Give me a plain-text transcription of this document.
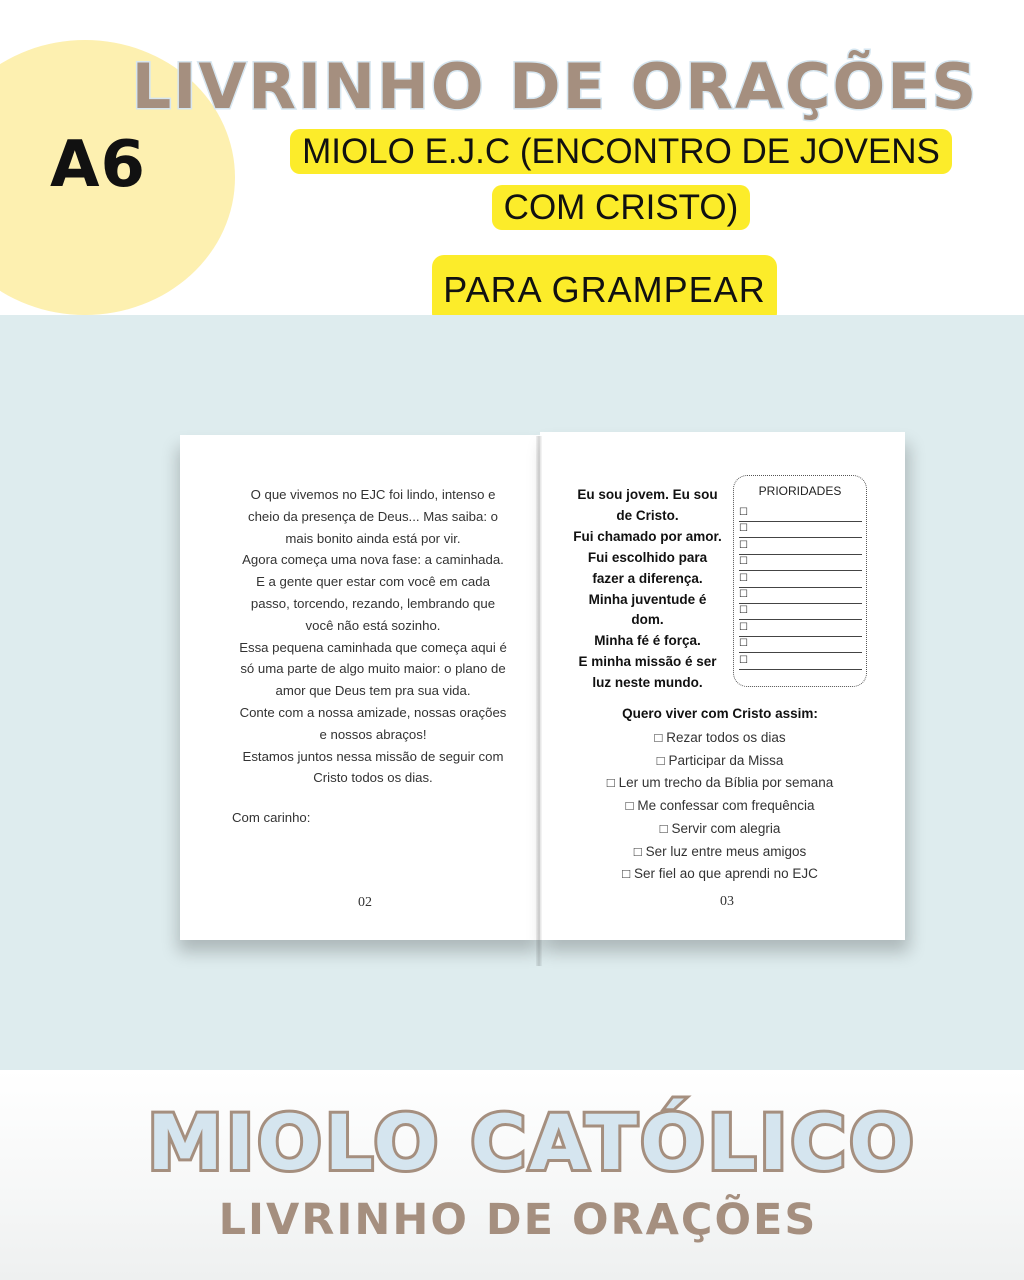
A6
LIVRINHO DE ORAÇÕES
MIOLO E.J.C (ENCONTRO DE JOVENS COM CRISTO)
PARA GRAMPEAR
O que vivemos no EJC foi lindo, intenso e
cheio da presença de Deus... Mas saiba: o
mais bonito ainda está por vir.
Agora começa uma nova fase: a caminhada.
E a gente quer estar com você em cada
passo, torcendo, rezando, lembrando que
você não está sozinho.
Essa pequena caminhada que começa aqui é
só uma parte de algo muito maior: o plano de
amor que Deus tem pra sua vida.
Conte com a nossa amizade, nossas orações
e nossos abraços!
Estamos juntos nessa missão de seguir com
Cristo todos os dias.
Com carinho:
02
Eu sou jovem. Eu sou
de Cristo.
Fui chamado por amor.
Fui escolhido para
fazer a diferença.
Minha juventude é
dom.
Minha fé é força.
E minha missão é ser
luz neste mundo.
PRIORIDADES
☐
☐
☐
☐
☐
☐
☐
☐
☐
☐
Quero viver com Cristo assim:
□ Rezar todos os dias
□ Participar da Missa
□ Ler um trecho da Bíblia por semana
□ Me confessar com frequência
□ Servir com alegria
□ Ser luz entre meus amigos
□ Ser fiel ao que aprendi no EJC
03
MIOLO CATÓLICO
LIVRINHO DE ORAÇÕES
